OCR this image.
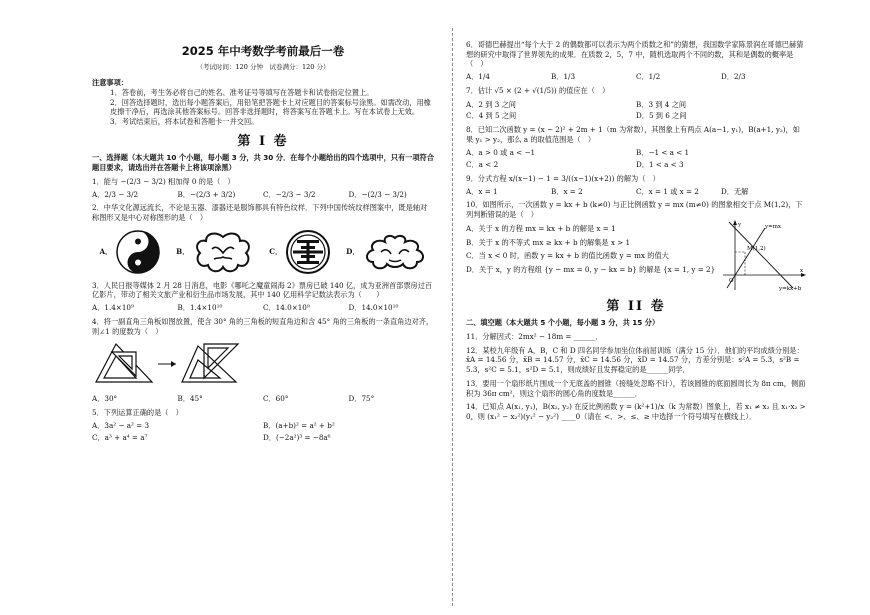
2025 年中考数学考前最后一卷
（考试时间：120 分钟　试卷满分：120 分）

注意事项：

1．答卷前，考生务必将自己的姓名、准考证号等填写在答题卡和试卷指定位置上。

2．回答选择题时，选出每小题答案后，用铅笔把答题卡上对应题目的答案标号涂黑。如需改动，用橡皮擦干净后，再选涂其他答案标号。回答非选择题时，将答案写在答题卡上。写在本试卷上无效。

3．考试结束后，将本试卷和答题卡一并交回。

第 I 卷

一、选择题（本大题共 10 个小题，每小题 3 分，共 30 分．在每个小题给出的四个选项中，只有一项符合题目要求，请选出并在答题卡上将该项涂黑）

1．能与 −(2/3 − 3/2) 相加得 0 的是（　）

A．2/3 − 3/2	B．−(2/3 + 3/2)	C．−2/3 − 3/2	D．−(2/3 − 3/2)

2．中华文化源远流长，不论是玉器、漆器还是服饰都具有特色纹样．下列中国传统纹样图案中，既是轴对称图形又是中心对称图形的是（　）

A．	B．	C．	D．

3．人民日报等媒体 2 月 28 日消息，电影《哪吒之魔童闹海 2》票房已破 140 亿，成为亚洲首部票房过百亿影片，带动了相关文旅产业和衍生品市场发展，其中 140 亿用科学记数法表示为（　　）

A．1.4×10⁹	B．1.4×10¹⁰	C．14.0×10⁹	D．14.0×10¹⁰

4．将一副直角三角板如图放置，使含 30° 角的三角板的短直角边和含 45° 角的三角板的一条直角边对齐，则∠1 的度数为（　）

1
A．30°	B．45°	C．60°	D．75°

5．下列运算正确的是（　）

A．3a² − a² = 3	B．(a+b)² = a² + b²
C．a³ + a⁴ = a⁷	D．(−2a²)³ = −8a⁶

6．哥德巴赫提出“每个大于 2 的偶数都可以表示为两个质数之和”的猜想，我国数学家陈景润在哥德巴赫猜想的研究中取得了世界领先的成果．在质数 2，5，7 中，随机选取两个不同的数，其和是偶数的概率是（　）

A．1/4	B．1/3	C．1/2	D．2/3

7．估计 √5 × (2 + √(1/5)) 的值应在（　）

A．2 到 3 之间	B．3 到 4 之间
C．4 到 5 之间	D．5 到 6 之间

8．已知二次函数 y = (x − 2)² + 2m + 1（m 为常数），其图象上有两点 A(a−1, y₁)，B(a+1, y₂)，如果 y₁ > y₂，那么 a 的取值范围是（　）

A．a > 0 或 a < −1	B．−1 < a < 1
C．a < 2	D．1 < a < 3

9．分式方程 x/(x−1) − 1 = 3/((x−1)(x+2)) 的解为（　）

A．x = 1	B．x = 2	C．x = 1 或 x = 2	D．无解

10．如图所示，一次函数 y = kx + b (k≠0) 与正比例函数 y = mx (m≠0) 的图象相交于点 M(1,2)，下列判断错误的是（　）

A．关于 x 的方程 mx = kx + b 的解是 x = 1

B．关于 x 的不等式 mx ≥ kx + b 的解集是 x > 1

C．当 x < 0 时，函数 y = kx + b 的值比函数 y = mx 的值大

D．关于 x，y 的方程组 {y − mx = 0, y − kx = b} 的解是 {x = 1, y = 2}

y=mx
y=kx+b
M(1,2)
x
y
O
第 II 卷

二、填空题（本大题共 5 个小题，每小题 3 分，共 15 分）

11．分解因式：2mx² − 18m = ______．

12．某校九年级有 A，B，C 和 D 四名同学参加坐位体前屈训练（满分 15 分）．他们的平均成绩分别是：x̄A = 14.56 分，x̄B = 14.57 分，x̄C = 14.56 分，x̄D = 14.57 分，方差分别是：s²A = 5.3，s²B = 5.3，s²C = 5.1，s²D = 5.1，则成绩好且发挥稳定的是______同学．

13．要用一个扇形纸片围成一个无底盖的圆锥（接缝处忽略不计），若该圆锥的底面圆周长为 8π cm，侧面积为 36π cm²，则这个扇形的圆心角的度数是______．

14．已知点 A(x₁, y₁)，B(x₂, y₂) 在反比例函数 y = (k²+1)/x（k 为常数）图象上，若 x₁ ≠ x₂ 且 x₁·x₂ > 0，则 (x₁² − x₂²)(y₁² − y₂²) ____0（请在 <、>、≤、≥ 中选择一个符号填写在横线上）．
